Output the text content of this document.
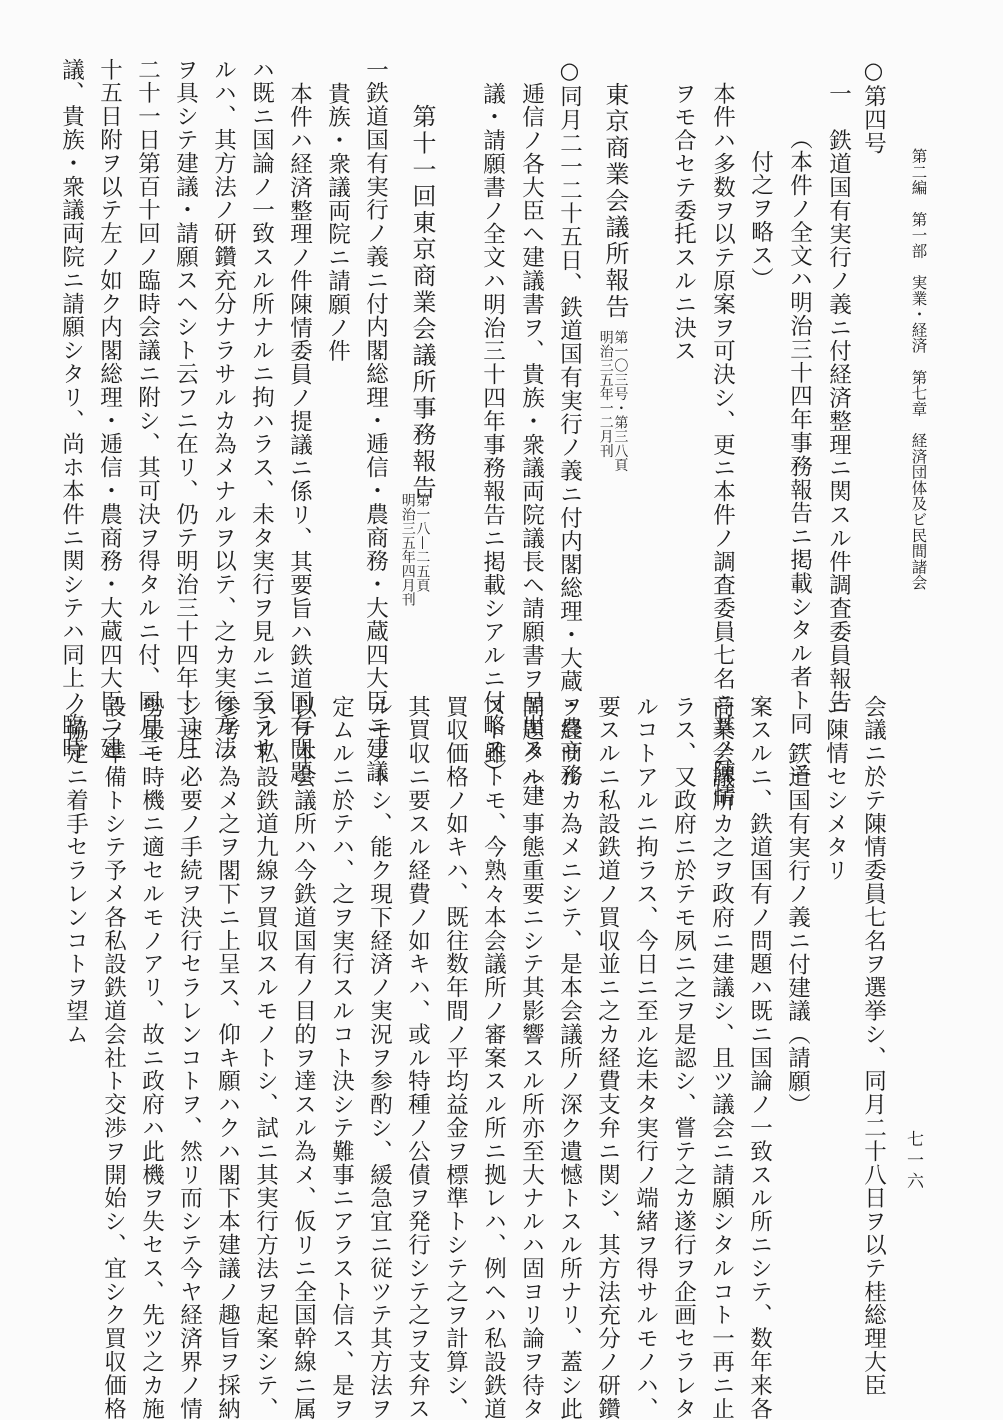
第二編　第一部　実業・経済　第七章　経済団体及ビ民間諸会
七一六
○第四号
一　鉄道国有実行ノ義ニ付経済整理ニ関スル件調査委員報告
（本件ノ全文ハ明治三十四年事務報告ニ掲載シタル者ト同一ニ
付之ヲ略ス）
本件ハ多数ヲ以テ原案ヲ可決シ、更ニ本件ノ調査委員七名ニ其ノ陳情
ヲモ合セテ委托スルニ決ス
東京商業会議所報告
第一〇三号・第三八頁
明治三五年一二月刊
○同月二一二十五日、鉄道国有実行ノ義ニ付内閣総理・大蔵・農商務
逓信ノ各大臣ヘ建議書ヲ、貴族・衆議両院議長ヘ請願書ヲ呈出ス（建
議・請願書ノ全文ハ明治三十四年事務報告ニ掲載シアルニ付略ス）
第十一回東京商業会議所事務報告
第一八—二五頁
明治三五年四月刊
一鉄道国有実行ノ義ニ付内閣総理・逓信・農商務・大蔵四大臣ニ建議
貴族・衆議両院ニ請願ノ件
本件ハ経済整理ノ件陳情委員ノ提議ニ係リ、其要旨ハ鉄道国有問題
ハ既ニ国論ノ一致スル所ナルニ拘ハラス、未タ実行ヲ見ルニ至ラサ
ルハ、其方法ノ研鑽充分ナラサルカ為メナルヲ以テ、之カ実行方法
ヲ具シテ建議・請願スヘシト云フニ在リ、仍テ明治三十四年十二月
二十一日第百十回ノ臨時会議ニ附シ、其可決ヲ得タルニ付、同月二
十五日附ヲ以テ左ノ如ク内閣総理・逓信・農商務・大蔵四大臣ニ建
議、貴族・衆議両院ニ請願シタリ、尚ホ本件ニ関シテハ同上ノ臨時
会議ニ於テ陳情委員七名ヲ選挙シ、同月二十八日ヲ以テ桂総理大臣
ニ陳情セシメタリ
鉄道国有実行ノ義ニ付建議（請願）
案スルニ、鉄道国有ノ問題ハ既ニ国論ノ一致スル所ニシテ、数年来各
商業会議所カ之ヲ政府ニ建議シ、且ツ議会ニ請願シタルコト一再ニ止
ラス、又政府ニ於テモ夙ニ之ヲ是認シ、嘗テ之カ遂行ヲ企画セラレタ
ルコトアルニ拘ラス、今日ニ至ル迄未タ実行ノ端緒ヲ得サルモノハ、
要スルニ私設鉄道ノ買収並ニ之カ経費支弁ニ関シ、其方法充分ノ研鑽
ヲ経サルカ為メニシテ、是本会議所ノ深ク遺憾トスル所ナリ、蓋シ此
問題タル、事態重要ニシテ其影響スル所亦至大ナルハ固ヨリ論ヲ待タ
スト雖トモ、今熟々本会議所ノ審案スル所ニ拠レハ、例ヘハ私設鉄道
買収価格ノ如キハ、既往数年間ノ平均益金ヲ標準トシテ之ヲ計算シ、
其買収ニ要スル経費ノ如キハ、或ル特種ノ公債ヲ発行シテ之ヲ支弁ス
ルモノトシ、能ク現下経済ノ実況ヲ参酌シ、緩急宜ニ従ツテ其方法ヲ
定ムルニ於テハ、之ヲ実行スルコト決シテ難事ニアラスト信ス、是ヲ
以テ本会議所ハ今鉄道国有ノ目的ヲ達スル為メ、仮リニ全国幹線ニ属
スル私設鉄道九線ヲ買収スルモノトシ、試ニ其実行方法ヲ起案シテ、
参考ノ為メ之ヲ閣下ニ上呈ス、仰キ願ハクハ閣下本建議ノ趣旨ヲ採納
シ速ニ必要ノ手続ヲ決行セラレンコトヲ、然リ而シテ今ヤ経済界ノ情
勢最モ時機ニ適セルモノアリ、故ニ政府ハ此機ヲ失セス、先ツ之カ施
設ノ準備トシテ予メ各私設鉄道会社ト交渉ヲ開始シ、宜シク買収価格
ノ協定ニ着手セラレンコトヲ望ム
